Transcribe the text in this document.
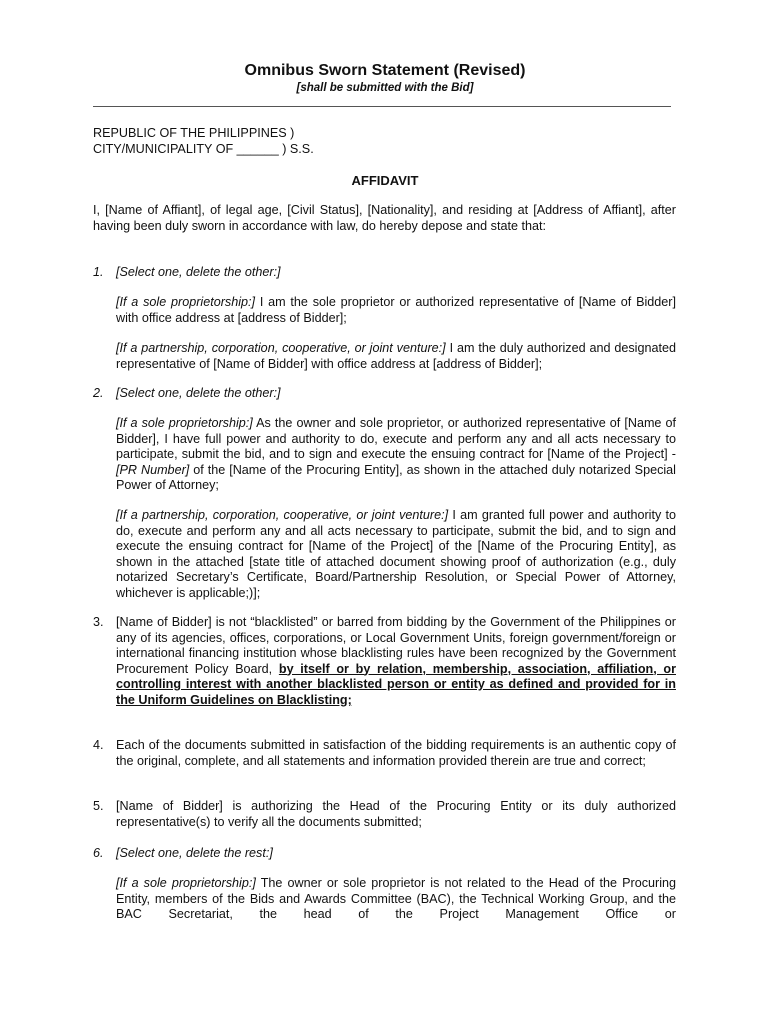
Omnibus Sworn Statement (Revised)
[shall be submitted with the Bid]
REPUBLIC OF THE PHILIPPINES )
CITY/MUNICIPALITY OF ______ ) S.S.
AFFIDAVIT
I, [Name of Affiant], of legal age, [Civil Status], [Nationality], and residing at [Address of Affiant], after having been duly sworn in accordance with law, do hereby depose and state that:
1. [Select one, delete the other:]
[If a sole proprietorship:] I am the sole proprietor or authorized representative of [Name of Bidder] with office address at [address of Bidder];
[If a partnership, corporation, cooperative, or joint venture:] I am the duly authorized and designated representative of [Name of Bidder] with office address at [address of Bidder];
2. [Select one, delete the other:]
[If a sole proprietorship:] As the owner and sole proprietor, or authorized representative of [Name of Bidder], I have full power and authority to do, execute and perform any and all acts necessary to participate, submit the bid, and to sign and execute the ensuing contract for [Name of the Project] - [PR Number] of the [Name of the Procuring Entity], as shown in the attached duly notarized Special Power of Attorney;
[If a partnership, corporation, cooperative, or joint venture:] I am granted full power and authority to do, execute and perform any and all acts necessary to participate, submit the bid, and to sign and execute the ensuing contract for [Name of the Project] of the [Name of the Procuring Entity], as shown in the attached [state title of attached document showing proof of authorization (e.g., duly notarized Secretary’s Certificate, Board/Partnership Resolution, or Special Power of Attorney, whichever is applicable;)];
3. [Name of Bidder] is not “blacklisted” or barred from bidding by the Government of the Philippines or any of its agencies, offices, corporations, or Local Government Units, foreign government/foreign or international financing institution whose blacklisting rules have been recognized by the Government Procurement Policy Board, by itself or by relation, membership, association, affiliation, or controlling interest with another blacklisted person or entity as defined and provided for in the Uniform Guidelines on Blacklisting;
4. Each of the documents submitted in satisfaction of the bidding requirements is an authentic copy of the original, complete, and all statements and information provided therein are true and correct;
5. [Name of Bidder] is authorizing the Head of the Procuring Entity or its duly authorized representative(s) to verify all the documents submitted;
6. [Select one, delete the rest:]
[If a sole proprietorship:] The owner or sole proprietor is not related to the Head of the Procuring Entity, members of the Bids and Awards Committee (BAC), the Technical Working Group, and the BAC Secretariat, the head of the Project Management Office or
